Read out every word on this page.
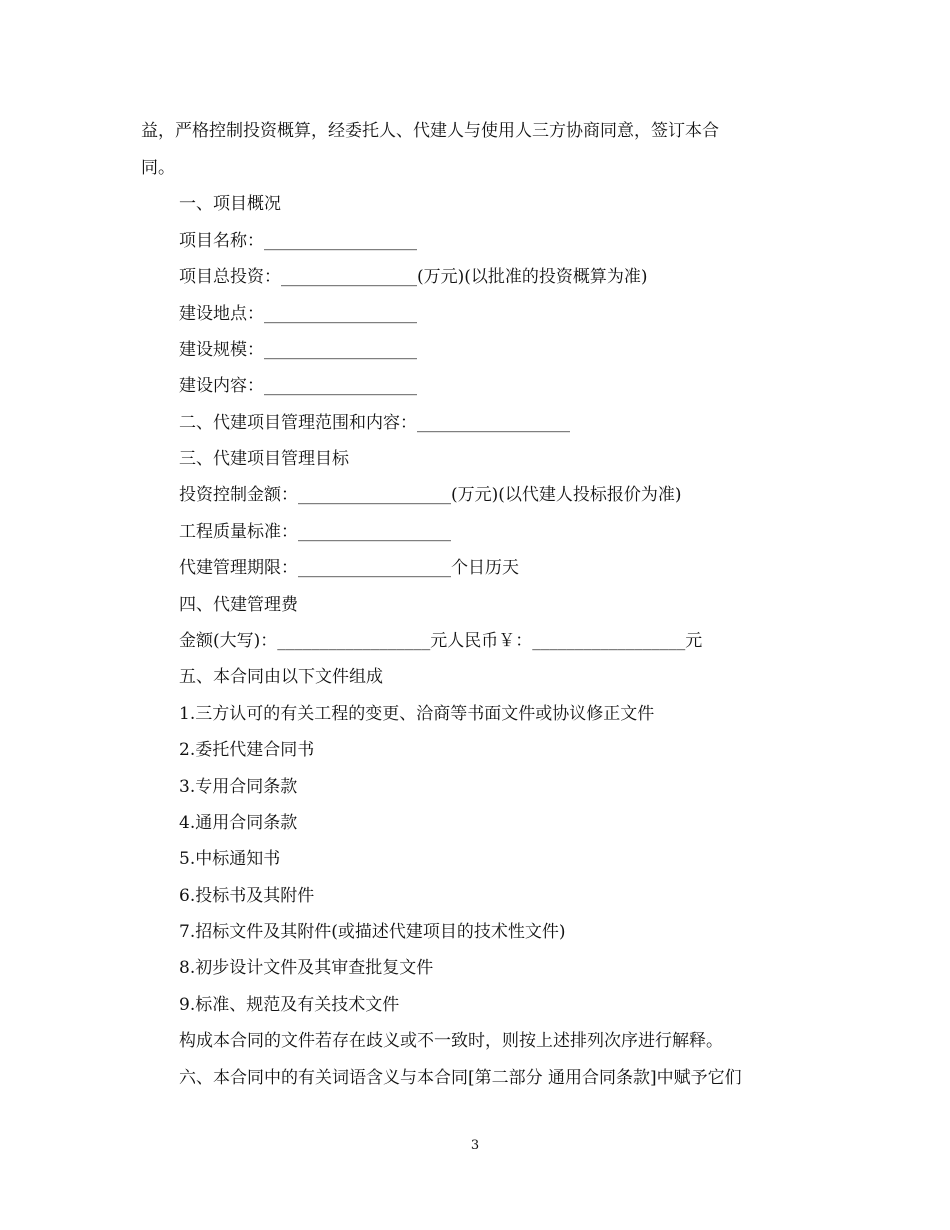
益，严格控制投资概算，经委托人、代建人与使用人三方协商同意，签订本合
同。
一、项目概况
项目名称：__________________
项目总投资：________________(万元)(以批准的投资概算为准)
建设地点：__________________
建设规模：__________________
建设内容：__________________
二、代建项目管理范围和内容：__________________
三、代建项目管理目标
投资控制金额：__________________(万元)(以代建人投标报价为准)
工程质量标准：__________________
代建管理期限：__________________个日历天
四、代建管理费
金额(大写)：__________________元人民币￥：__________________元
五、本合同由以下文件组成
1.三方认可的有关工程的变更、洽商等书面文件或协议修正文件
2.委托代建合同书
3.专用合同条款
4.通用合同条款
5.中标通知书
6.投标书及其附件
7.招标文件及其附件(或描述代建项目的技术性文件)
8.初步设计文件及其审查批复文件
9.标准、规范及有关技术文件
构成本合同的文件若存在歧义或不一致时，则按上述排列次序进行解释。
六、本合同中的有关词语含义与本合同[第二部分 通用合同条款]中赋予它们
3
